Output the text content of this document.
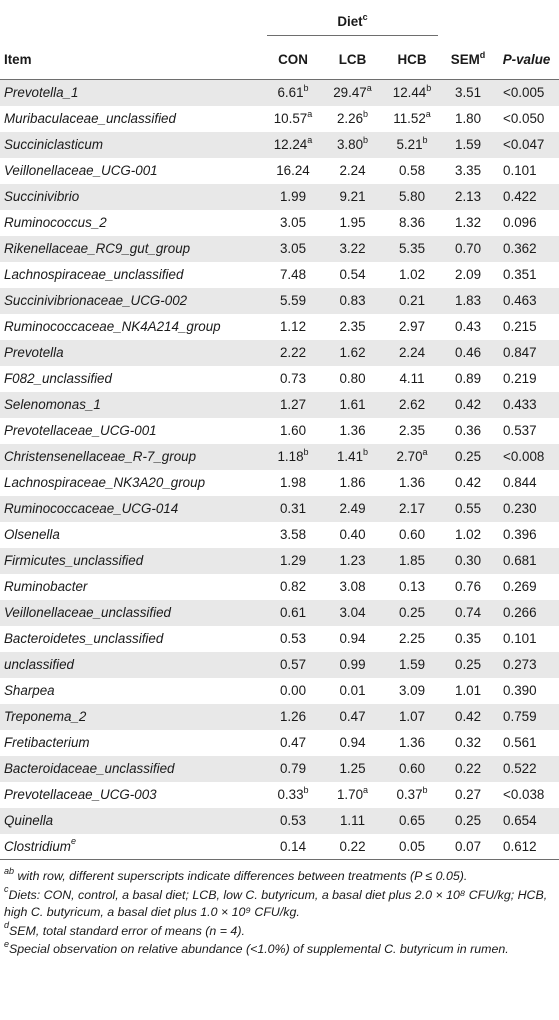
	Diet$^c$

Item	CON	LCB	HCB	SEM$^d$	P-value
Prevotella_1	6.61$^b$	29.47$^a$	12.44$^b$	3.51	<0.005
Muribaculaceae_unclassified	10.57$^a$	2.26$^b$	11.52$^a$	1.80	<0.050
Succiniclasticum	12.24$^a$	3.80$^b$	5.21$^b$	1.59	<0.047
Veillonellaceae_UCG-001	16.24	2.24	0.58	3.35	0.101
Succinivibrio	1.99	9.21	5.80	2.13	0.422
Ruminococcus_2	3.05	1.95	8.36	1.32	0.096
Rikenellaceae_RC9_gut_group	3.05	3.22	5.35	0.70	0.362
Lachnospiraceae_unclassified	7.48	0.54	1.02	2.09	0.351
Succinivibrionaceae_UCG-002	5.59	0.83	0.21	1.83	0.463
Ruminococcaceae_NK4A214_group	1.12	2.35	2.97	0.43	0.215
Prevotella	2.22	1.62	2.24	0.46	0.847
F082_unclassified	0.73	0.80	4.11	0.89	0.219
Selenomonas_1	1.27	1.61	2.62	0.42	0.433
Prevotellaceae_UCG-001	1.60	1.36	2.35	0.36	0.537
Christensenellaceae_R-7_group	1.18$^b$	1.41$^b$	2.70$^a$	0.25	<0.008
Lachnospiraceae_NK3A20_group	1.98	1.86	1.36	0.42	0.844
Ruminococcaceae_UCG-014	0.31	2.49	2.17	0.55	0.230
Olsenella	3.58	0.40	0.60	1.02	0.396
Firmicutes_unclassified	1.29	1.23	1.85	0.30	0.681
Ruminobacter	0.82	3.08	0.13	0.76	0.269
Veillonellaceae_unclassified	0.61	3.04	0.25	0.74	0.266
Bacteroidetes_unclassified	0.53	0.94	2.25	0.35	0.101
unclassified	0.57	0.99	1.59	0.25	0.273
Sharpea	0.00	0.01	3.09	1.01	0.390
Treponema_2	1.26	0.47	1.07	0.42	0.759
Fretibacterium	0.47	0.94	1.36	0.32	0.561
Bacteroidaceae_unclassified	0.79	1.25	0.60	0.22	0.522
Prevotellaceae_UCG-003	0.33$^b$	1.70$^a$	0.37$^b$	0.27	<0.038
Quinella	0.53	1.11	0.65	0.25	0.654
Clostridium$^e$	0.14	0.22	0.05	0.07	0.612
$^{ab}$ with row, different superscripts indicate differences between treatments (P ≤ 0.05).
$^c$Diets: CON, control, a basal diet; LCB, low C. butyricum, a basal diet plus 2.0 × 10⁸ CFU/kg; HCB, high C. butyricum, a basal diet plus 1.0 × 10⁹ CFU/kg.
$^d$SEM, total standard error of means (n = 4).
$^e$Special observation on relative abundance (<1.0%) of supplemental C. butyricum in rumen.
